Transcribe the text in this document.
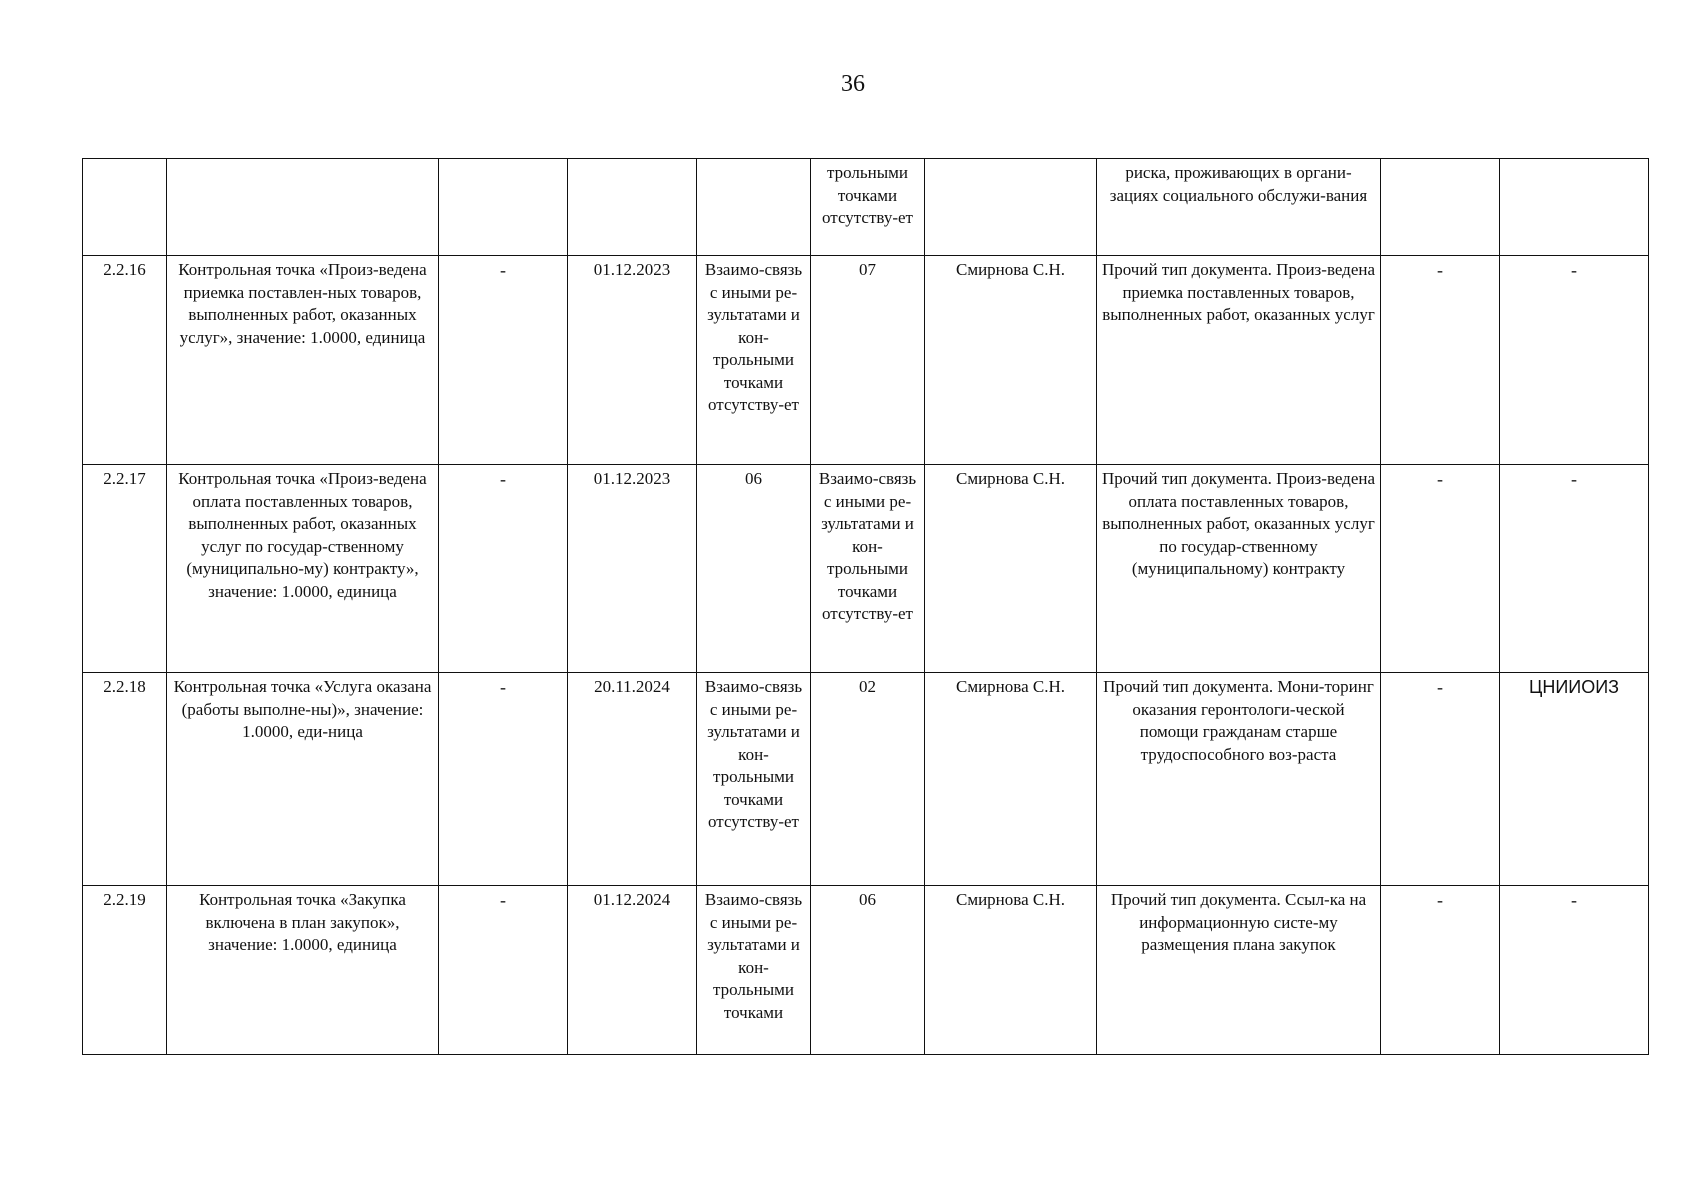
36
					трольными точками отсутству-ет		риска, проживающих в органи-зациях социального обслужи-вания		
2.2.16	Контрольная точка «Произ-ведена приемка поставлен-ных товаров, выполненных работ, оказанных услуг», значение: 1.0000, единица	-	01.12.2023	Взаимо-связь с иными ре-зультатами и кон-трольными точками отсутству-ет	07	Смирнова С.Н.	Прочий тип документа. Произ-ведена приемка поставленных товаров, выполненных работ, оказанных услуг	-	-
2.2.17	Контрольная точка «Произ-ведена оплата поставленных товаров, выполненных работ, оказанных услуг по государ-ственному (муниципально-му) контракту», значение: 1.0000, единица	-	01.12.2023	06	Взаимо-связь с иными ре-зультатами и кон-трольными точками отсутству-ет	Смирнова С.Н.	Прочий тип документа. Произ-ведена оплата поставленных товаров, выполненных работ, оказанных услуг по государ-ственному (муниципальному) контракту	-	-
2.2.18	Контрольная точка «Услуга оказана (работы выполне-ны)», значение: 1.0000, еди-ница	-	20.11.2024	Взаимо-связь с иными ре-зультатами и кон-трольными точками отсутству-ет	02	Смирнова С.Н.	Прочий тип документа. Мони-торинг оказания геронтологи-ческой помощи гражданам старше трудоспособного воз-раста	-	ЦНИИОИЗ
2.2.19	Контрольная точка «Закупка включена в план закупок», значение: 1.0000, единица	-	01.12.2024	Взаимо-связь с иными ре-зультатами и кон-трольными точками	06	Смирнова С.Н.	Прочий тип документа. Ссыл-ка на информационную систе-му размещения плана закупок	-	-
